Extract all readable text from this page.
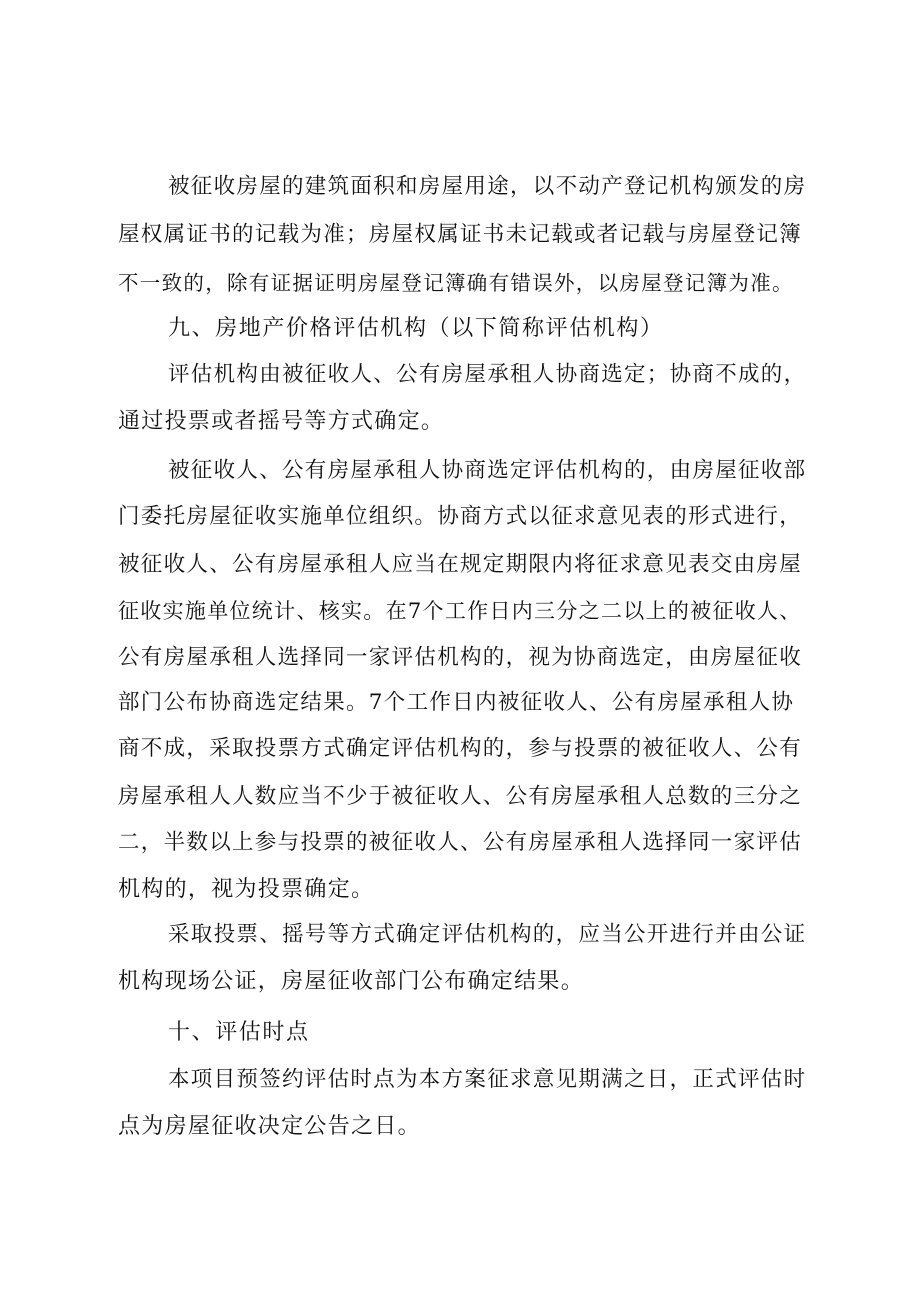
被征收房屋的建筑面积和房屋用途，以不动产登记机构颁发的房
屋权属证书的记载为准；房屋权属证书未记载或者记载与房屋登记簿
不一致的，除有证据证明房屋登记簿确有错误外，以房屋登记簿为准。
九、房地产价格评估机构（以下简称评估机构）
评估机构由被征收人、公有房屋承租人协商选定；协商不成的，
通过投票或者摇号等方式确定。
被征收人、公有房屋承租人协商选定评估机构的，由房屋征收部
门委托房屋征收实施单位组织。协商方式以征求意见表的形式进行，
被征收人、公有房屋承租人应当在规定期限内将征求意见表交由房屋
征收实施单位统计、核实。在7个工作日内三分之二以上的被征收人、
公有房屋承租人选择同一家评估机构的，视为协商选定，由房屋征收
部门公布协商选定结果。7个工作日内被征收人、公有房屋承租人协
商不成，采取投票方式确定评估机构的，参与投票的被征收人、公有
房屋承租人人数应当不少于被征收人、公有房屋承租人总数的三分之
二，半数以上参与投票的被征收人、公有房屋承租人选择同一家评估
机构的，视为投票确定。
采取投票、摇号等方式确定评估机构的，应当公开进行并由公证
机构现场公证，房屋征收部门公布确定结果。
十、评估时点
本项目预签约评估时点为本方案征求意见期满之日，正式评估时
点为房屋征收决定公告之日。
